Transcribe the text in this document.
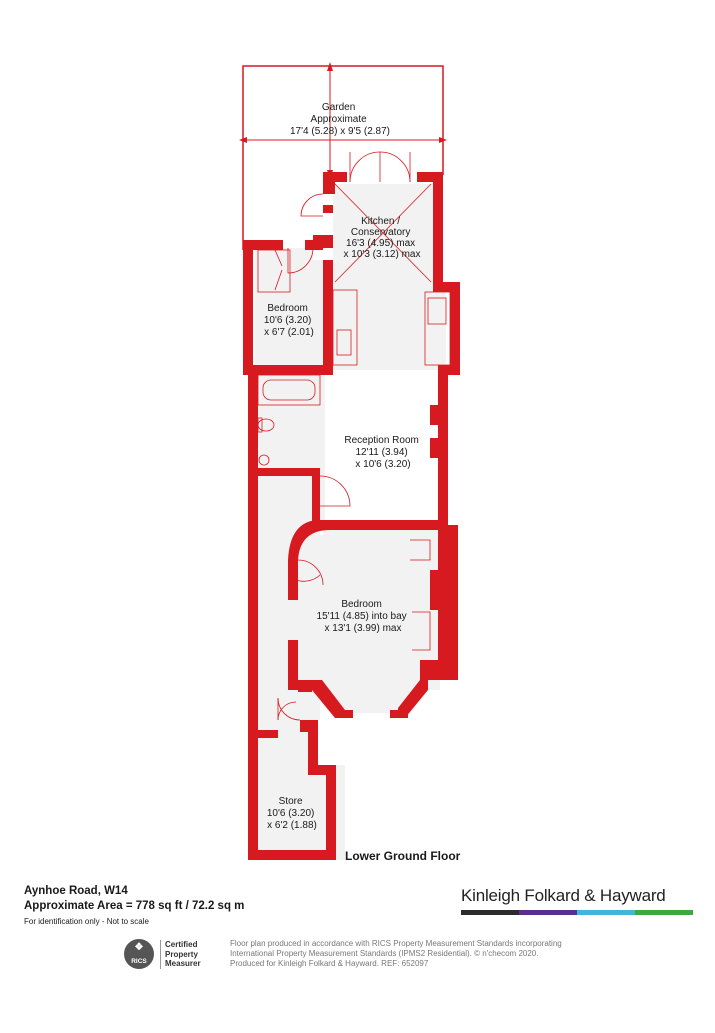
Garden Approximate 17'4 (5.28) x 9'5 (2.87)
Kitchen / Conservatory 16'3 (4.95) max x 10'3 (3.12) max
Bedroom 10'6 (3.20) x 6'7 (2.01)
Reception Room 12'11 (3.94) x 10'6 (3.20)
Bedroom 15'11 (4.85) into bay x 13'1 (3.99) max
Store 10'6 (3.20) x 6'2 (1.88)
Lower Ground Floor
Aynhoe Road, W14
Approximate Area = 778 sq ft / 72.2 sq m
For identification only - Not to scale
Kinleigh Folkard & Hayward
❖
RICS
Certified
Property
Measurer
Floor plan produced in accordance with RICS Property Measurement Standards incorporating
International Property Measurement Standards (IPMS2 Residential). © n'checom 2020.
Produced for Kinleigh Folkard & Hayward. REF: 652097
